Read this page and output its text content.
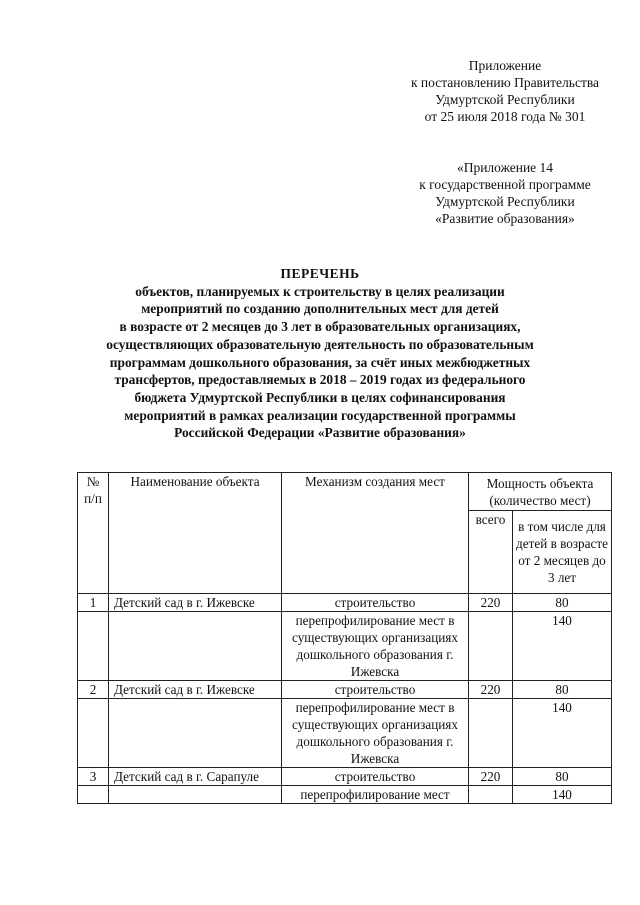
Приложение
к постановлению Правительства
Удмуртской Республики
от 25 июля 2018 года № 301
«Приложение 14
к государственной программе
Удмуртской Республики
«Развитие образования»
ПЕРЕЧЕНЬ
объектов, планируемых к строительству в целях реализации
мероприятий по созданию дополнительных мест для детей
в возрасте от 2 месяцев до 3 лет в образовательных организациях,
осуществляющих образовательную деятельность по образовательным
программам дошкольного образования, за счёт иных межбюджетных
трансфертов, предоставляемых в 2018 – 2019 годах из федерального
бюджета Удмуртской Республики в целях софинансирования
мероприятий в рамках реализации государственной программы
Российской Федерации «Развитие образования»
№ п/п	Наименование объекта	Механизм создания мест	Мощность объекта (количество мест)	
			всего	в том числе для детей в возрасте от 2 месяцев до 3 лет
1	Детский сад в г. Ижевске	строительство	220	80
		перепрофилирование мест в существующих организациях дошкольного образования г. Ижевска		140
2	Детский сад в г. Ижевске	строительство	220	80
		перепрофилирование мест в существующих организациях дошкольного образования г. Ижевска		140
3	Детский сад в г. Сарапуле	строительство	220	80
		перепрофилирование мест		140
